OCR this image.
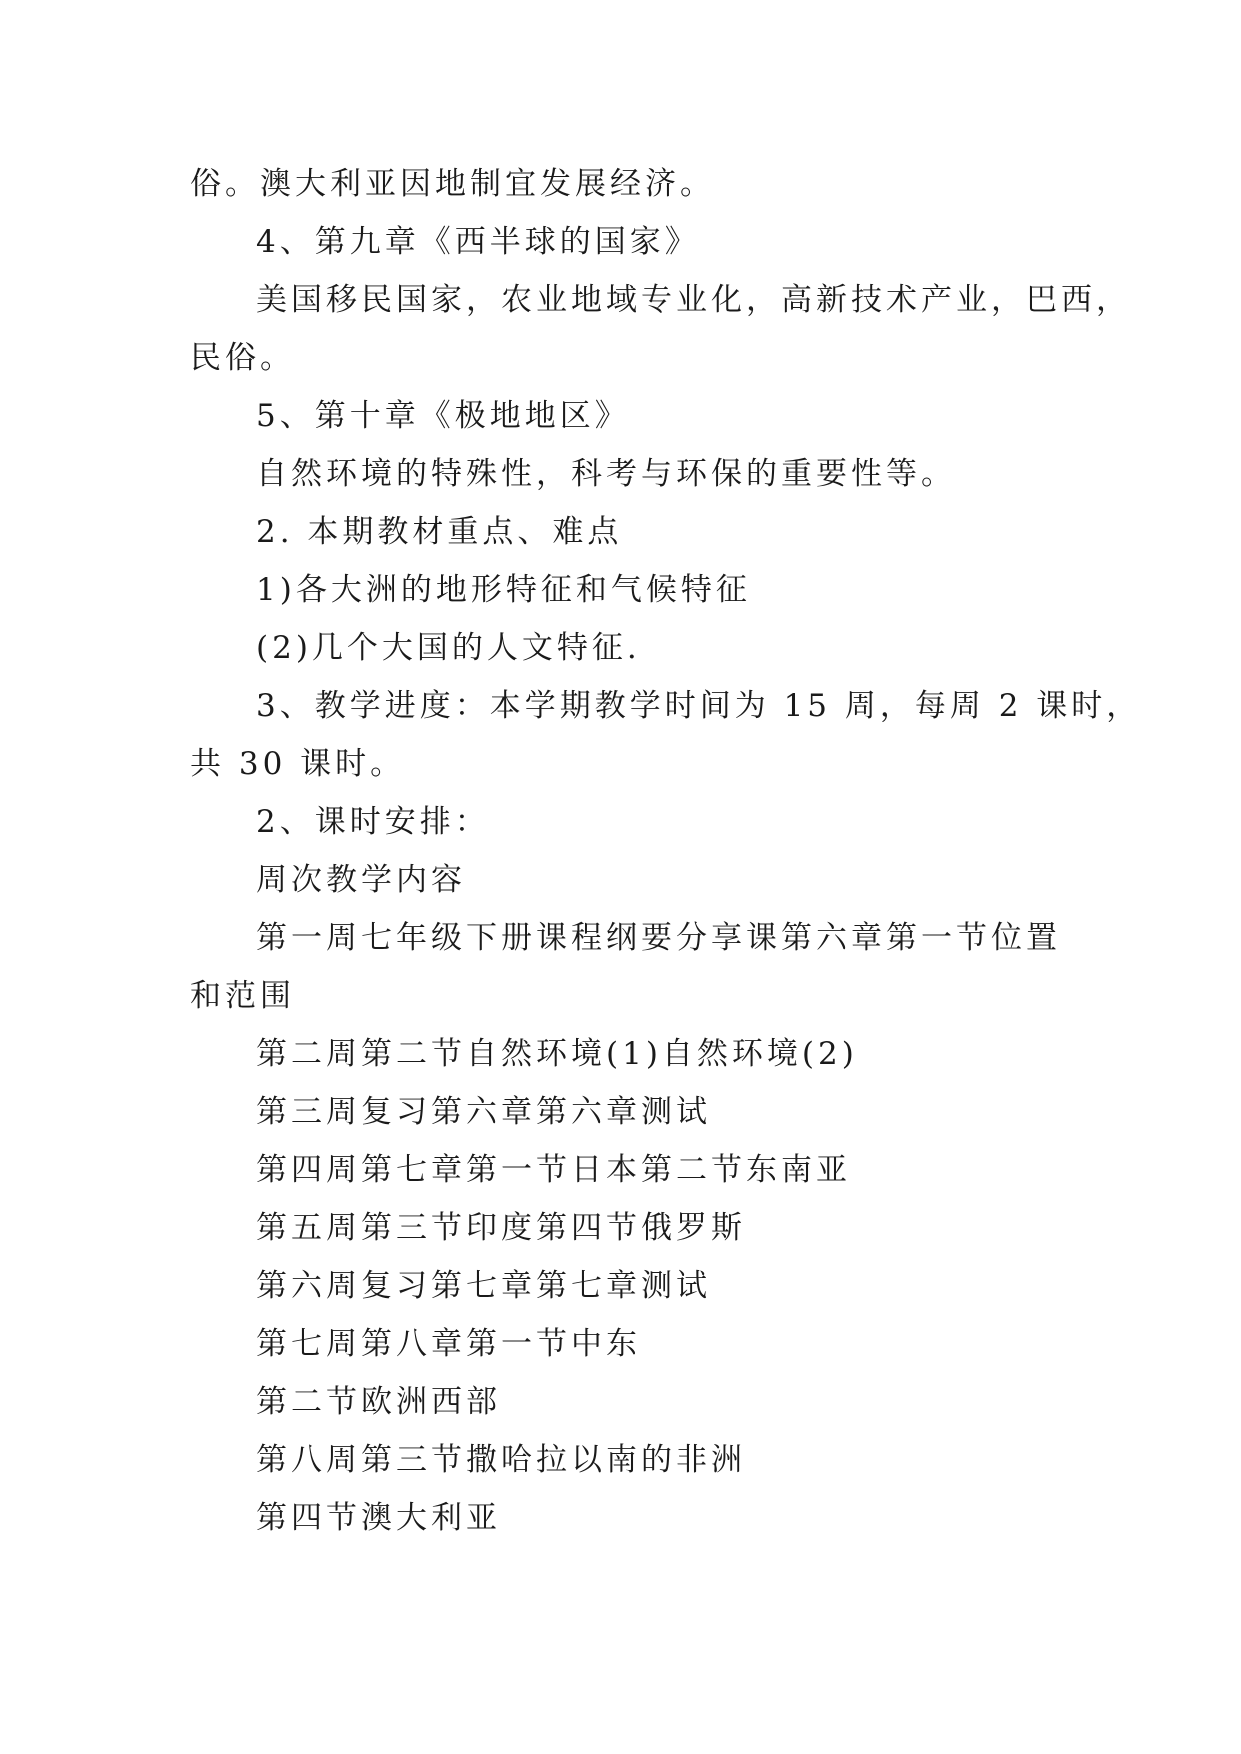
俗。澳大利亚因地制宜发展经济。

4、第九章《西半球的国家》

美国移民国家，农业地域专业化，高新技术产业，巴西，

民俗。

5、第十章《极地地区》

自然环境的特殊性，科考与环保的重要性等。

2. 本期教材重点、难点

1)各大洲的地形特征和气候特征

(2)几个大国的人文特征.

3、教学进度：本学期教学时间为 15 周，每周 2 课时，

共 30 课时。

2、课时安排：

周次教学内容

第一周七年级下册课程纲要分享课第六章第一节位置

和范围

第二周第二节自然环境(1)自然环境(2)

第三周复习第六章第六章测试

第四周第七章第一节日本第二节东南亚

第五周第三节印度第四节俄罗斯

第六周复习第七章第七章测试

第七周第八章第一节中东

第二节欧洲西部

第八周第三节撒哈拉以南的非洲

第四节澳大利亚
